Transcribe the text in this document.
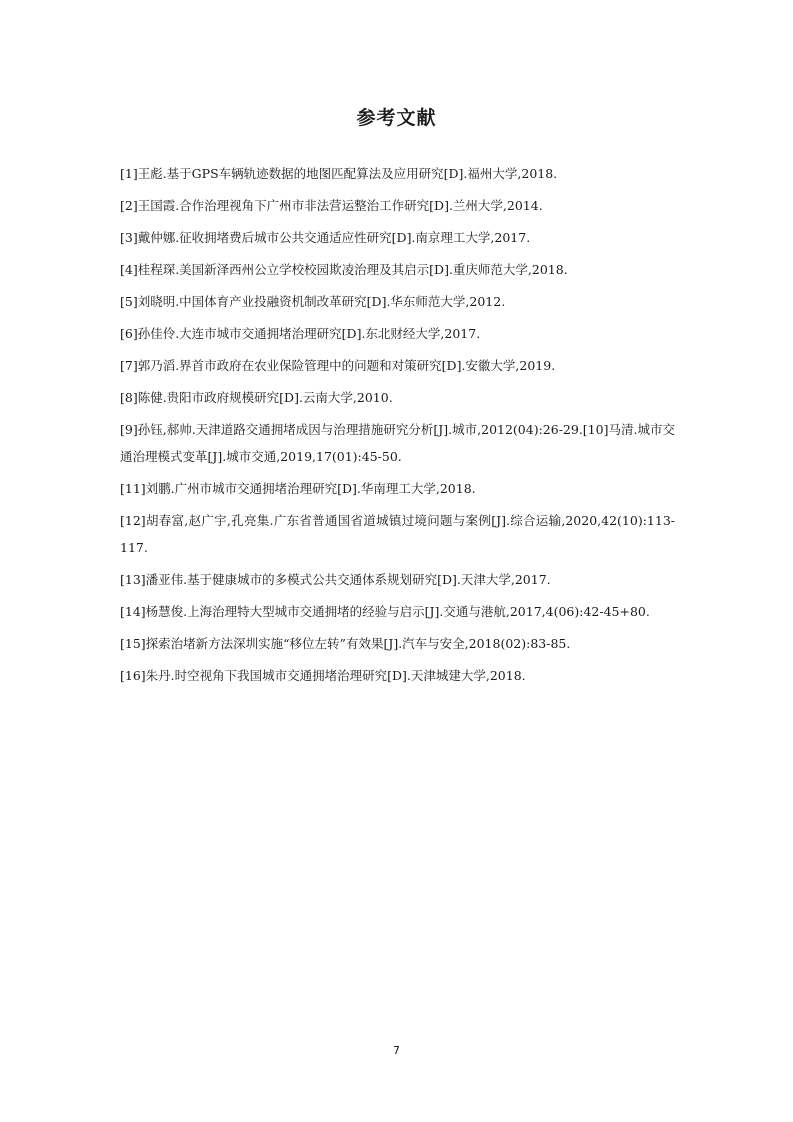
参考文献
[1]王彪.基于GPS车辆轨迹数据的地图匹配算法及应用研究[D].福州大学,2018.
[2]王国霞.合作治理视角下广州市非法营运整治工作研究[D].兰州大学,2014.
[3]戴仲娜.征收拥堵费后城市公共交通适应性研究[D].南京理工大学,2017.
[4]桂程琛.美国新泽西州公立学校校园欺凌治理及其启示[D].重庆师范大学,2018.
[5]刘晓明.中国体育产业投融资机制改革研究[D].华东师范大学,2012.
[6]孙佳伶.大连市城市交通拥堵治理研究[D].东北财经大学,2017.
[7]郭乃滔.界首市政府在农业保险管理中的问题和对策研究[D].安徽大学,2019.
[8]陈健.贵阳市政府规模研究[D].云南大学,2010.
[9]孙钰,郝帅.天津道路交通拥堵成因与治理措施研究分析[J].城市,2012(04):26-29.[10]马清.城市交通治理模式变革[J].城市交通,2019,17(01):45-50.
[11]刘鹏.广州市城市交通拥堵治理研究[D].华南理工大学,2018.
[12]胡春富,赵广宇,孔亮集.广东省普通国省道城镇过境问题与案例[J].综合运输,2020,42(10):113-117.
[13]潘亚伟.基于健康城市的多模式公共交通体系规划研究[D].天津大学,2017.
[14]杨慧俊.上海治理特大型城市交通拥堵的经验与启示[J].交通与港航,2017,4(06):42-45+80.
[15]探索治堵新方法深圳实施“移位左转”有效果[J].汽车与安全,2018(02):83-85.
[16]朱丹.时空视角下我国城市交通拥堵治理研究[D].天津城建大学,2018.
7
